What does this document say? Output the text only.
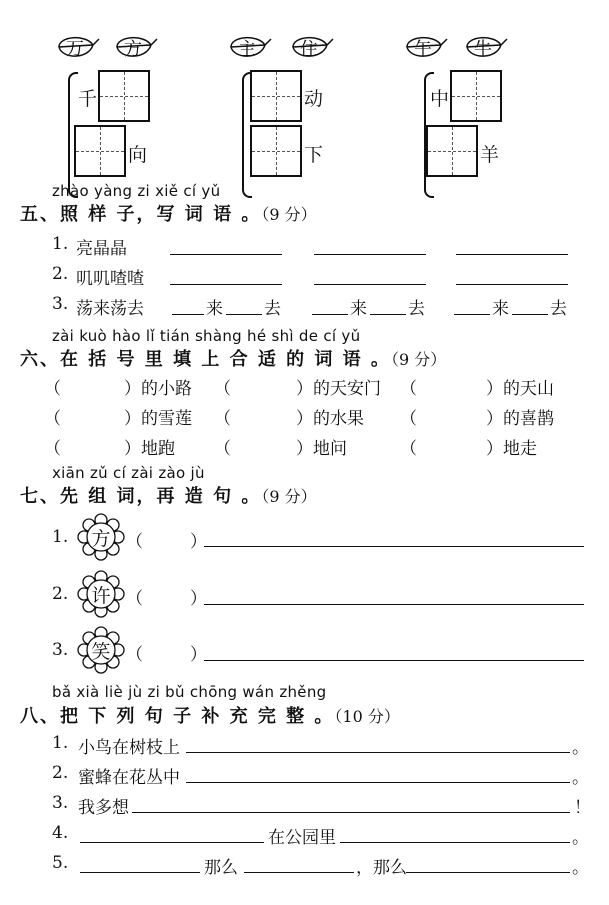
万	方	主	住	午	牛
千
向
动
下
中
羊
zhào yàng zi xiě cí yǔ
五、照 样 子，写 词 语 。（9 分）
1. 亮晶晶
2. 叽叽喳喳
3. 荡来荡去	来 去	来 去	来 去
zài kuò hào lǐ tián shàng hé shì de cí yǔ
六、在 括 号 里 填 上 合 适 的 词 语 。（9 分）
（	）的小路 （	）的天安门 （	）的天山
（	）的雪莲 （	）的水果 （	）的喜鹊
（	）地跑 （	）地问	（	）地走
xiān zǔ cí zài zào jù
七、先 组 词，再 造 句 。（9 分）
1.	方 （	）
2.	许 （	）
3.	笑 （	）
bǎ xià liè jù zi bǔ chōng wán zhěng
八、把 下 列 句 子 补 充 完 整 。（10 分）
1. 小鸟在树枝上	。
2. 蜜蜂在花丛中	。
3. 我多想	！
4.	在公园里	。
5.	那么	，那么	。
